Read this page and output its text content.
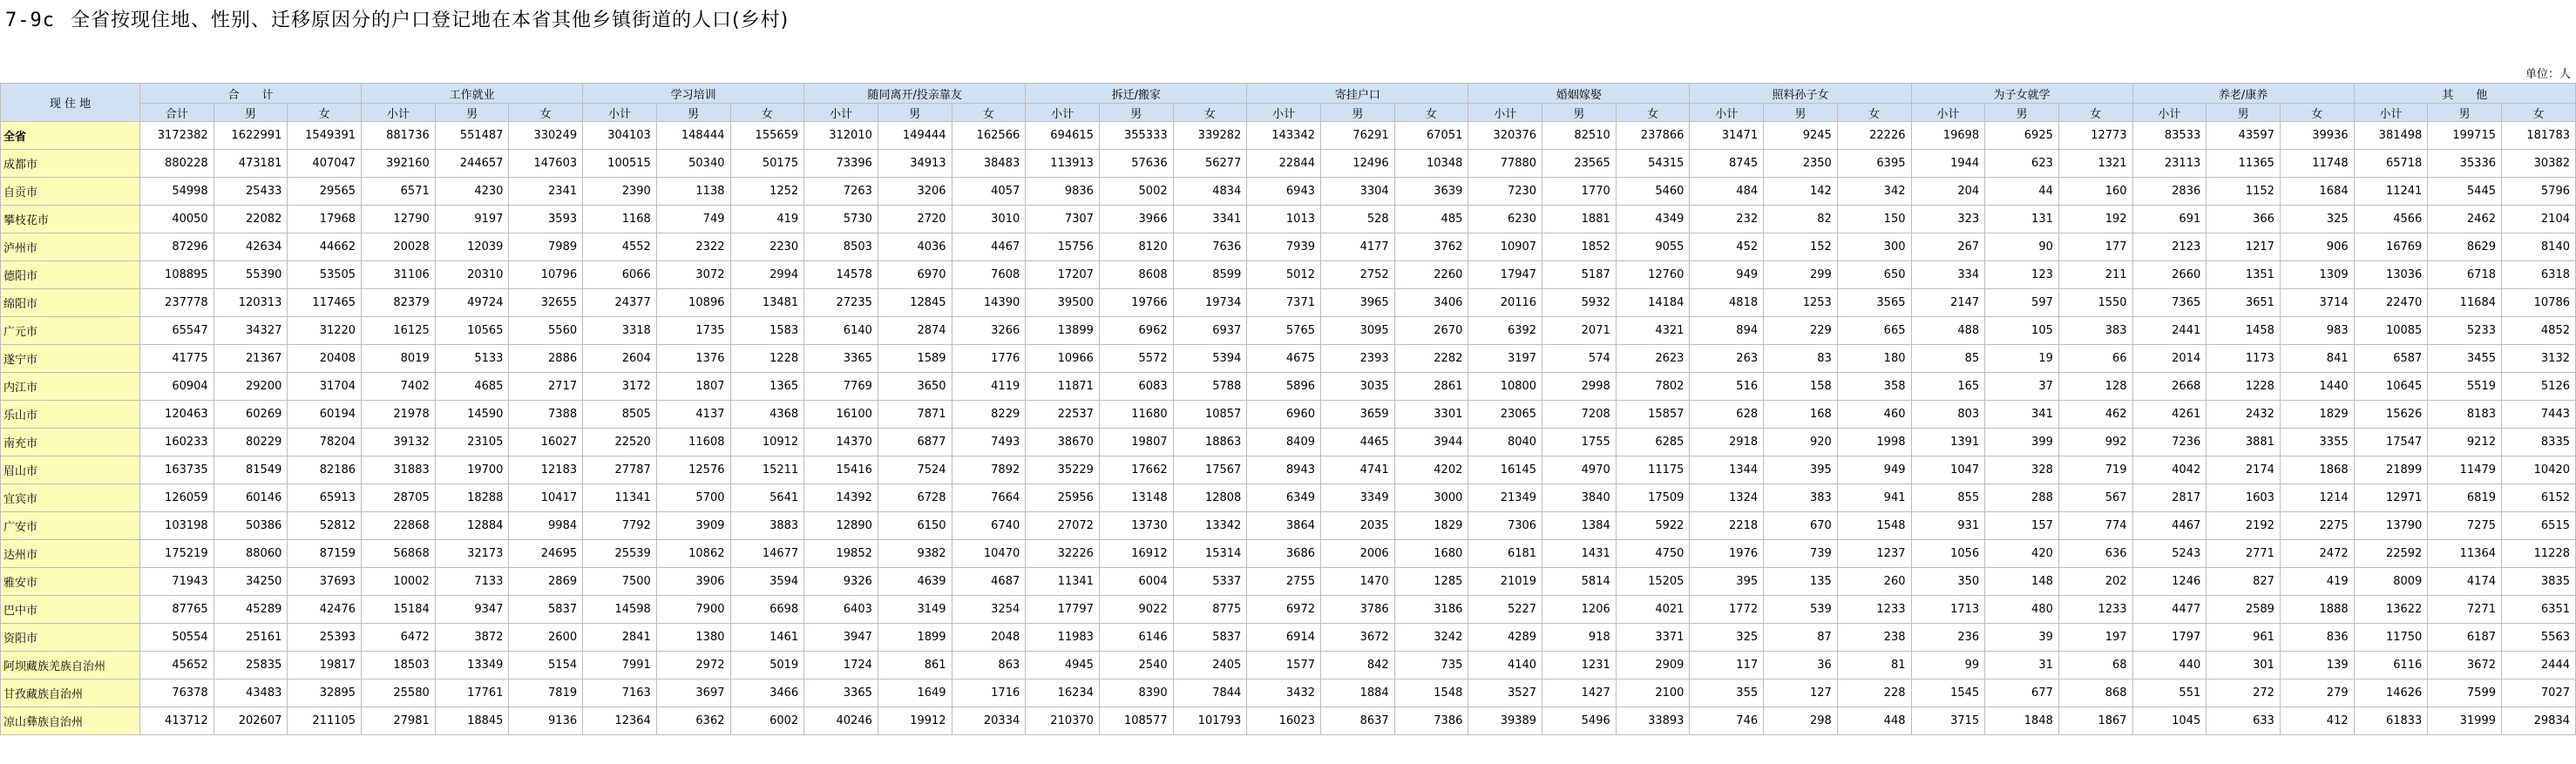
7-9c 全省按现住地、性别、迁移原因分的户口登记地在本省其他乡镇街道的人口(乡村)
单位：人
现 住 地	合　　计			工作就业			学习培训			随同离开/投亲靠友			拆迁/搬家			寄挂户口			婚姻嫁娶			照料孙子女			为子女就学			养老/康养			其　　他		
	合计	男	女	小计	男	女	小计	男	女	小计	男	女	小计	男	女	小计	男	女	小计	男	女	小计	男	女	小计	男	女	小计	男	女	小计	男	女
全省	3172382	1622991	1549391	881736	551487	330249	304103	148444	155659	312010	149444	162566	694615	355333	339282	143342	76291	67051	320376	82510	237866	31471	9245	22226	19698	6925	12773	83533	43597	39936	381498	199715	181783
成都市	880228	473181	407047	392160	244657	147603	100515	50340	50175	73396	34913	38483	113913	57636	56277	22844	12496	10348	77880	23565	54315	8745	2350	6395	1944	623	1321	23113	11365	11748	65718	35336	30382
自贡市	54998	25433	29565	6571	4230	2341	2390	1138	1252	7263	3206	4057	9836	5002	4834	6943	3304	3639	7230	1770	5460	484	142	342	204	44	160	2836	1152	1684	11241	5445	5796
攀枝花市	40050	22082	17968	12790	9197	3593	1168	749	419	5730	2720	3010	7307	3966	3341	1013	528	485	6230	1881	4349	232	82	150	323	131	192	691	366	325	4566	2462	2104
泸州市	87296	42634	44662	20028	12039	7989	4552	2322	2230	8503	4036	4467	15756	8120	7636	7939	4177	3762	10907	1852	9055	452	152	300	267	90	177	2123	1217	906	16769	8629	8140
德阳市	108895	55390	53505	31106	20310	10796	6066	3072	2994	14578	6970	7608	17207	8608	8599	5012	2752	2260	17947	5187	12760	949	299	650	334	123	211	2660	1351	1309	13036	6718	6318
绵阳市	237778	120313	117465	82379	49724	32655	24377	10896	13481	27235	12845	14390	39500	19766	19734	7371	3965	3406	20116	5932	14184	4818	1253	3565	2147	597	1550	7365	3651	3714	22470	11684	10786
广元市	65547	34327	31220	16125	10565	5560	3318	1735	1583	6140	2874	3266	13899	6962	6937	5765	3095	2670	6392	2071	4321	894	229	665	488	105	383	2441	1458	983	10085	5233	4852
遂宁市	41775	21367	20408	8019	5133	2886	2604	1376	1228	3365	1589	1776	10966	5572	5394	4675	2393	2282	3197	574	2623	263	83	180	85	19	66	2014	1173	841	6587	3455	3132
内江市	60904	29200	31704	7402	4685	2717	3172	1807	1365	7769	3650	4119	11871	6083	5788	5896	3035	2861	10800	2998	7802	516	158	358	165	37	128	2668	1228	1440	10645	5519	5126
乐山市	120463	60269	60194	21978	14590	7388	8505	4137	4368	16100	7871	8229	22537	11680	10857	6960	3659	3301	23065	7208	15857	628	168	460	803	341	462	4261	2432	1829	15626	8183	7443
南充市	160233	80229	78204	39132	23105	16027	22520	11608	10912	14370	6877	7493	38670	19807	18863	8409	4465	3944	8040	1755	6285	2918	920	1998	1391	399	992	7236	3881	3355	17547	9212	8335
眉山市	163735	81549	82186	31883	19700	12183	27787	12576	15211	15416	7524	7892	35229	17662	17567	8943	4741	4202	16145	4970	11175	1344	395	949	1047	328	719	4042	2174	1868	21899	11479	10420
宜宾市	126059	60146	65913	28705	18288	10417	11341	5700	5641	14392	6728	7664	25956	13148	12808	6349	3349	3000	21349	3840	17509	1324	383	941	855	288	567	2817	1603	1214	12971	6819	6152
广安市	103198	50386	52812	22868	12884	9984	7792	3909	3883	12890	6150	6740	27072	13730	13342	3864	2035	1829	7306	1384	5922	2218	670	1548	931	157	774	4467	2192	2275	13790	7275	6515
达州市	175219	88060	87159	56868	32173	24695	25539	10862	14677	19852	9382	10470	32226	16912	15314	3686	2006	1680	6181	1431	4750	1976	739	1237	1056	420	636	5243	2771	2472	22592	11364	11228
雅安市	71943	34250	37693	10002	7133	2869	7500	3906	3594	9326	4639	4687	11341	6004	5337	2755	1470	1285	21019	5814	15205	395	135	260	350	148	202	1246	827	419	8009	4174	3835
巴中市	87765	45289	42476	15184	9347	5837	14598	7900	6698	6403	3149	3254	17797	9022	8775	6972	3786	3186	5227	1206	4021	1772	539	1233	1713	480	1233	4477	2589	1888	13622	7271	6351
资阳市	50554	25161	25393	6472	3872	2600	2841	1380	1461	3947	1899	2048	11983	6146	5837	6914	3672	3242	4289	918	3371	325	87	238	236	39	197	1797	961	836	11750	6187	5563
阿坝藏族羌族自治州	45652	25835	19817	18503	13349	5154	7991	2972	5019	1724	861	863	4945	2540	2405	1577	842	735	4140	1231	2909	117	36	81	99	31	68	440	301	139	6116	3672	2444
甘孜藏族自治州	76378	43483	32895	25580	17761	7819	7163	3697	3466	3365	1649	1716	16234	8390	7844	3432	1884	1548	3527	1427	2100	355	127	228	1545	677	868	551	272	279	14626	7599	7027
凉山彝族自治州	413712	202607	211105	27981	18845	9136	12364	6362	6002	40246	19912	20334	210370	108577	101793	16023	8637	7386	39389	5496	33893	746	298	448	3715	1848	1867	1045	633	412	61833	31999	29834
